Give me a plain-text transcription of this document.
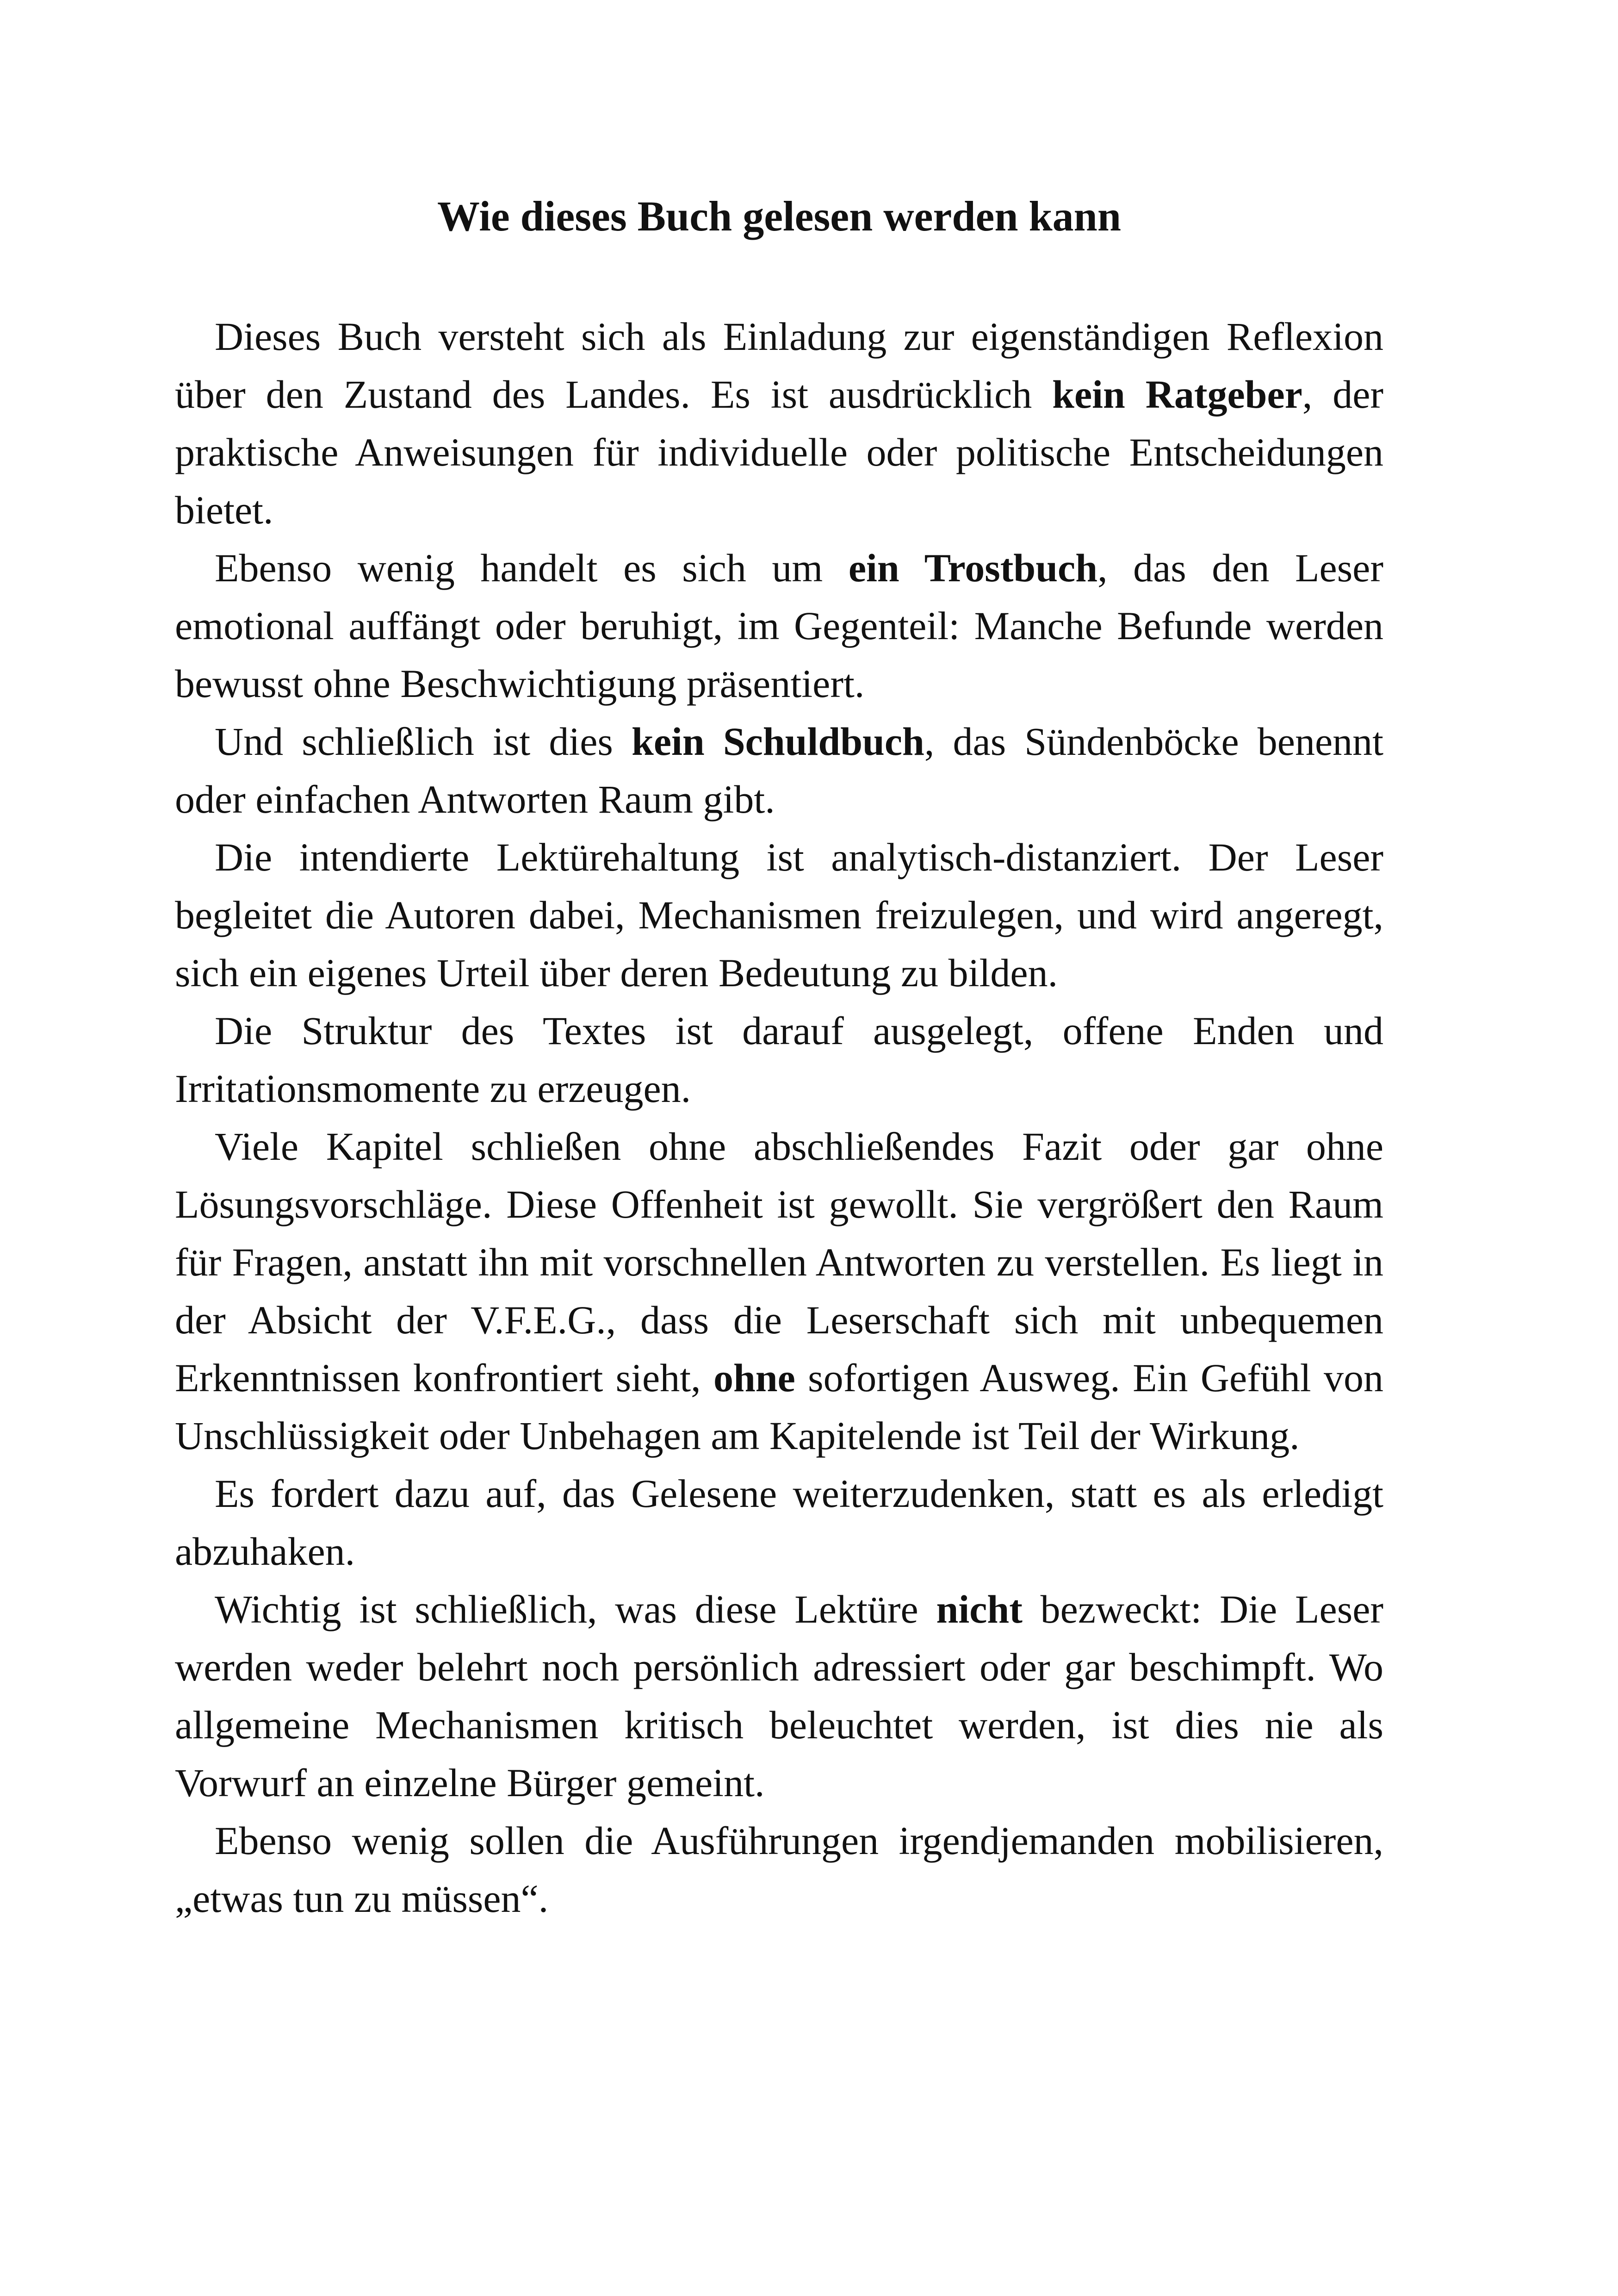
Wie dieses Buch gelesen werden kann

Dieses Buch versteht sich als Einladung zur eigenständigen Reflexion über den Zustand des Landes. Es ist ausdrücklich kein Ratgeber, der praktische Anweisungen für individuelle oder politische Entscheidungen bietet.

Ebenso wenig handelt es sich um ein Trostbuch, das den Leser emotional auffängt oder beruhigt, im Gegenteil: Manche Befunde werden bewusst ohne Beschwichtigung präsentiert.

Und schließlich ist dies kein Schuldbuch, das Sündenböcke benennt oder einfachen Antworten Raum gibt.

Die intendierte Lektürehaltung ist analytisch-distanziert. Der Leser begleitet die Autoren dabei, Mechanismen freizulegen, und wird angeregt, sich ein eigenes Urteil über deren Bedeutung zu bilden.

Die Struktur des Textes ist darauf ausgelegt, offene Enden und Irritationsmomente zu erzeugen.

Viele Kapitel schließen ohne abschließendes Fazit oder gar ohne Lösungsvorschläge. Diese Offenheit ist gewollt. Sie vergrößert den Raum für Fragen, anstatt ihn mit vorschnellen Antworten zu verstellen. Es liegt in der Absicht der V.F.E.G., dass die Leserschaft sich mit unbequemen Erkenntnissen konfrontiert sieht, ohne sofortigen Ausweg. Ein Gefühl von Unschlüssigkeit oder Unbehagen am Kapitelende ist Teil der Wirkung.

Es fordert dazu auf, das Gelesene weiterzudenken, statt es als erledigt abzuhaken.

Wichtig ist schließlich, was diese Lektüre nicht bezweckt: Die Leser werden weder belehrt noch persönlich adressiert oder gar beschimpft. Wo allgemeine Mechanismen kritisch beleuchtet werden, ist dies nie als Vorwurf an einzelne Bürger gemeint.

Ebenso wenig sollen die Ausführungen irgendjemanden mobilisieren, „etwas tun zu müssen“.
